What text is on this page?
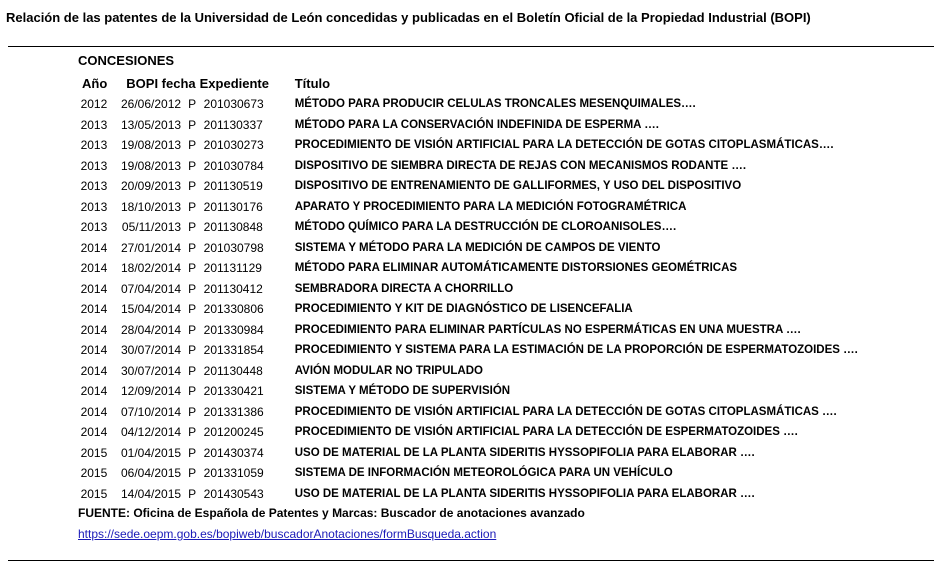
Relación de las patentes de la Universidad de León concedidas y publicadas en el Boletín Oficial de la Propiedad Industrial (BOPI)
CONCESIONES
Año	BOPI fecha		Expediente	Título
2012	26/06/2012	P	201030673	MÉTODO PARA PRODUCIR CELULAS TRONCALES MESENQUIMALES….
2013	13/05/2013	P	201130337	MÉTODO PARA LA CONSERVACIÓN INDEFINIDA DE ESPERMA ….
2013	19/08/2013	P	201030273	PROCEDIMIENTO DE VISIÓN ARTIFICIAL PARA LA DETECCIÓN DE GOTAS CITOPLASMÁTICAS….
2013	19/08/2013	P	201030784	DISPOSITIVO DE SIEMBRA DIRECTA DE REJAS CON MECANISMOS RODANTE ….
2013	20/09/2013	P	201130519	DISPOSITIVO DE ENTRENAMIENTO DE GALLIFORMES, Y USO DEL DISPOSITIVO
2013	18/10/2013	P	201130176	APARATO Y PROCEDIMIENTO PARA LA MEDICIÓN FOTOGRAMÉTRICA
2013	05/11/2013	P	201130848	MÉTODO QUÍMICO PARA LA DESTRUCCIÓN DE CLOROANISOLES….
2014	27/01/2014	P	201030798	SISTEMA Y MÉTODO PARA LA MEDICIÓN DE CAMPOS DE VIENTO
2014	18/02/2014	P	201131129	MÉTODO PARA ELIMINAR AUTOMÁTICAMENTE DISTORSIONES GEOMÉTRICAS
2014	07/04/2014	P	201130412	SEMBRADORA DIRECTA A CHORRILLO
2014	15/04/2014	P	201330806	PROCEDIMIENTO Y KIT DE DIAGNÓSTICO DE LISENCEFALIA
2014	28/04/2014	P	201330984	PROCEDIMIENTO PARA ELIMINAR PARTÍCULAS NO ESPERMÁTICAS EN UNA MUESTRA ….
2014	30/07/2014	P	201331854	PROCEDIMIENTO Y SISTEMA PARA LA ESTIMACIÓN DE LA PROPORCIÓN DE ESPERMATOZOIDES ….
2014	30/07/2014	P	201130448	AVIÓN MODULAR NO TRIPULADO
2014	12/09/2014	P	201330421	SISTEMA Y MÉTODO DE SUPERVISIÓN
2014	07/10/2014	P	201331386	PROCEDIMIENTO DE VISIÓN ARTIFICIAL PARA LA DETECCIÓN DE GOTAS CITOPLASMÁTICAS ….
2014	04/12/2014	P	201200245	PROCEDIMIENTO DE VISIÓN ARTIFICIAL PARA LA DETECCIÓN DE ESPERMATOZOIDES ….
2015	01/04/2015	P	201430374	USO DE MATERIAL DE LA PLANTA SIDERITIS HYSSOPIFOLIA PARA ELABORAR ….
2015	06/04/2015	P	201331059	SISTEMA DE INFORMACIÓN METEOROLÓGICA PARA UN VEHÍCULO
2015	14/04/2015	P	201430543	USO DE MATERIAL DE LA PLANTA SIDERITIS HYSSOPIFOLIA PARA ELABORAR ….
FUENTE: Oficina de Española de Patentes y Marcas: Buscador de anotaciones avanzado
https://sede.oepm.gob.es/bopiweb/buscadorAnotaciones/formBusqueda.action
